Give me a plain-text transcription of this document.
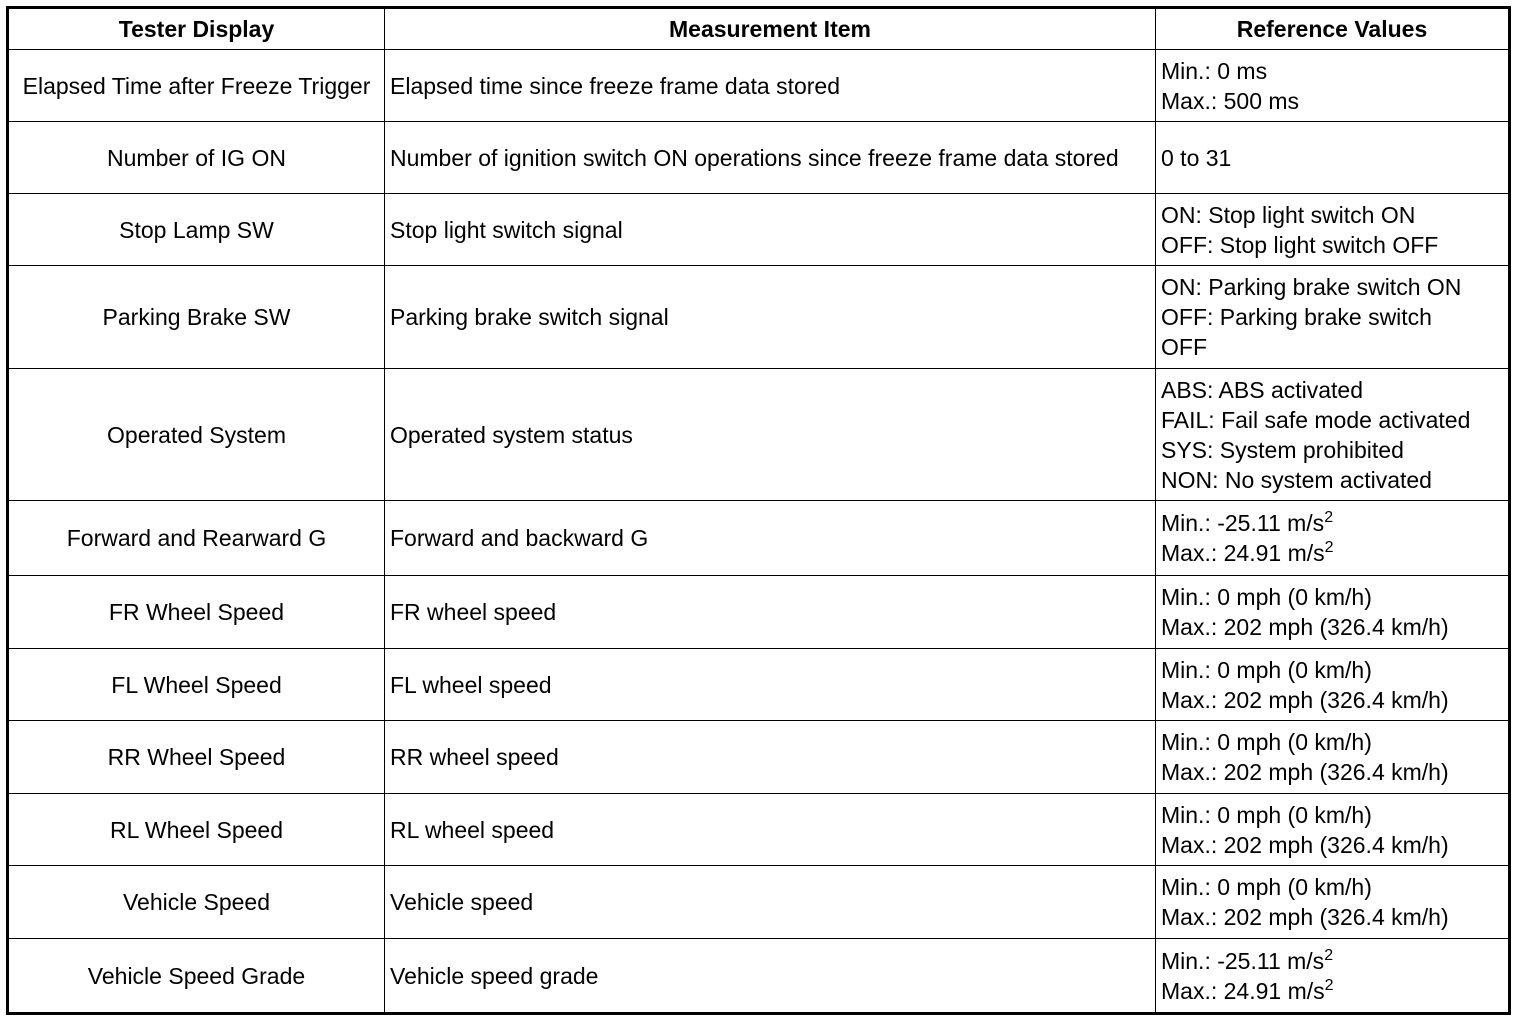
Tester Display	Measurement Item	Reference Values
Elapsed Time after Freeze Trigger	Elapsed time since freeze frame data stored	Min.: 0 ms
Max.: 500 ms

Number of IG ON	Number of ignition switch ON operations since freeze frame data stored	0 to 31

Stop Lamp SW	Stop light switch signal	ON: Stop light switch ON
OFF: Stop light switch OFF

Parking Brake SW	Parking brake switch signal	ON: Parking brake switch ON
OFF: Parking brake switch
OFF

Operated System	Operated system status	ABS: ABS activated
FAIL: Fail safe mode activated
SYS: System prohibited
NON: No system activated

Forward and Rearward G	Forward and backward G	Min.: -25.11 $m/s^2$
Max.: 24.91 $m/s^2$

FR Wheel Speed	FR wheel speed	Min.: 0 mph (0 km/h)
Max.: 202 mph (326.4 km/h)

FL Wheel Speed	FL wheel speed	Min.: 0 mph (0 km/h)
Max.: 202 mph (326.4 km/h)

RR Wheel Speed	RR wheel speed	Min.: 0 mph (0 km/h)
Max.: 202 mph (326.4 km/h)

RL Wheel Speed	RL wheel speed	Min.: 0 mph (0 km/h)
Max.: 202 mph (326.4 km/h)

Vehicle Speed	Vehicle speed	Min.: 0 mph (0 km/h)
Max.: 202 mph (326.4 km/h)

Vehicle Speed Grade	Vehicle speed grade	Min.: -25.11 $m/s^2$
Max.: 24.91 $m/s^2$
